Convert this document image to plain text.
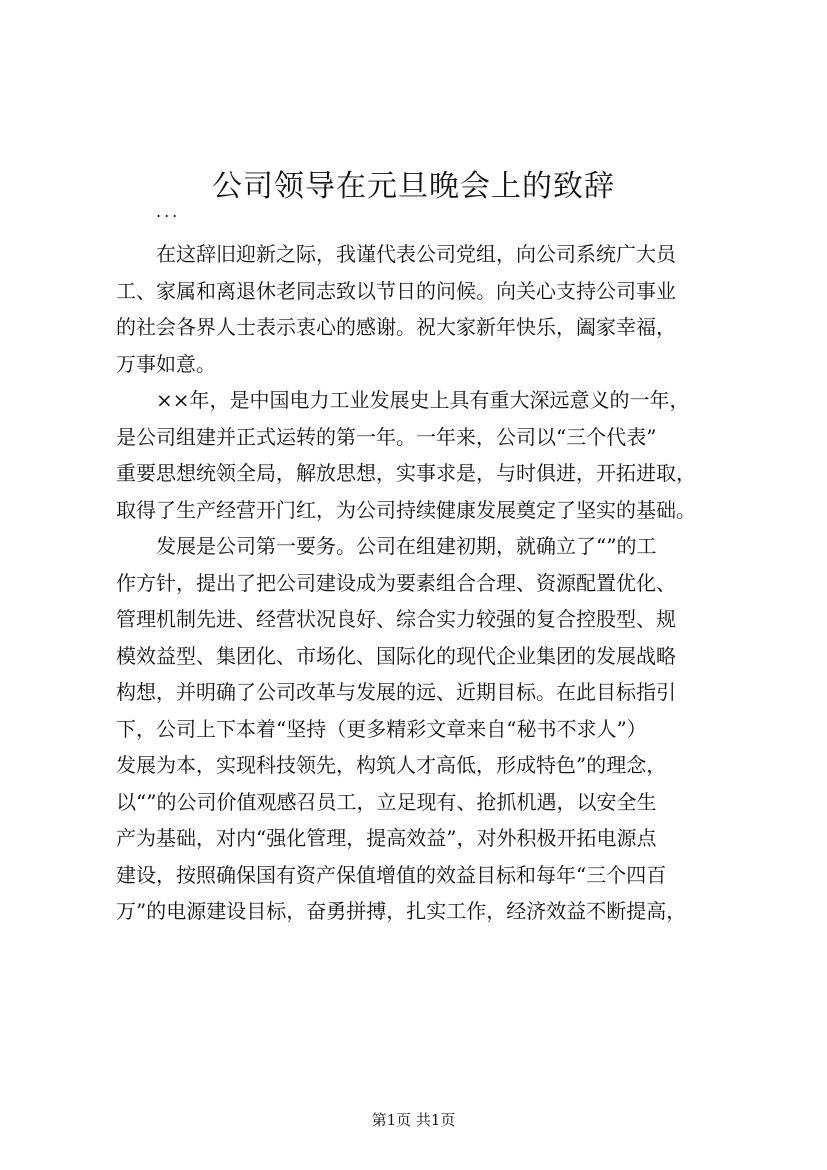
公司领导在元旦晚会上的致辞
...
　　在这辞旧迎新之际，我谨代表公司党组，向公司系统广大员
工、家属和离退休老同志致以节日的问候。向关心支持公司事业
的社会各界人士表示衷心的感谢。祝大家新年快乐，阖家幸福，
万事如意。
　　××年，是中国电力工业发展史上具有重大深远意义的一年，
是公司组建并正式运转的第一年。一年来，公司以“三个代表”
重要思想统领全局，解放思想，实事求是，与时俱进，开拓进取，
取得了生产经营开门红，为公司持续健康发展奠定了坚实的基础。
　　发展是公司第一要务。公司在组建初期，就确立了“”的工
作方针，提出了把公司建设成为要素组合合理、资源配置优化、
管理机制先进、经营状况良好、综合实力较强的复合控股型、规
模效益型、集团化、市场化、国际化的现代企业集团的发展战略
构想，并明确了公司改革与发展的远、近期目标。在此目标指引
下，公司上下本着“坚持（更多精彩文章来自“秘书不求人”）
发展为本，实现科技领先，构筑人才高低，形成特色”的理念，
以“”的公司价值观感召员工，立足现有、抢抓机遇，以安全生
产为基础，对内“强化管理，提高效益”，对外积极开拓电源点
建设，按照确保国有资产保值增值的效益目标和每年“三个四百
万”的电源建设目标，奋勇拼搏，扎实工作，经济效益不断提高，
第1页 共1页
